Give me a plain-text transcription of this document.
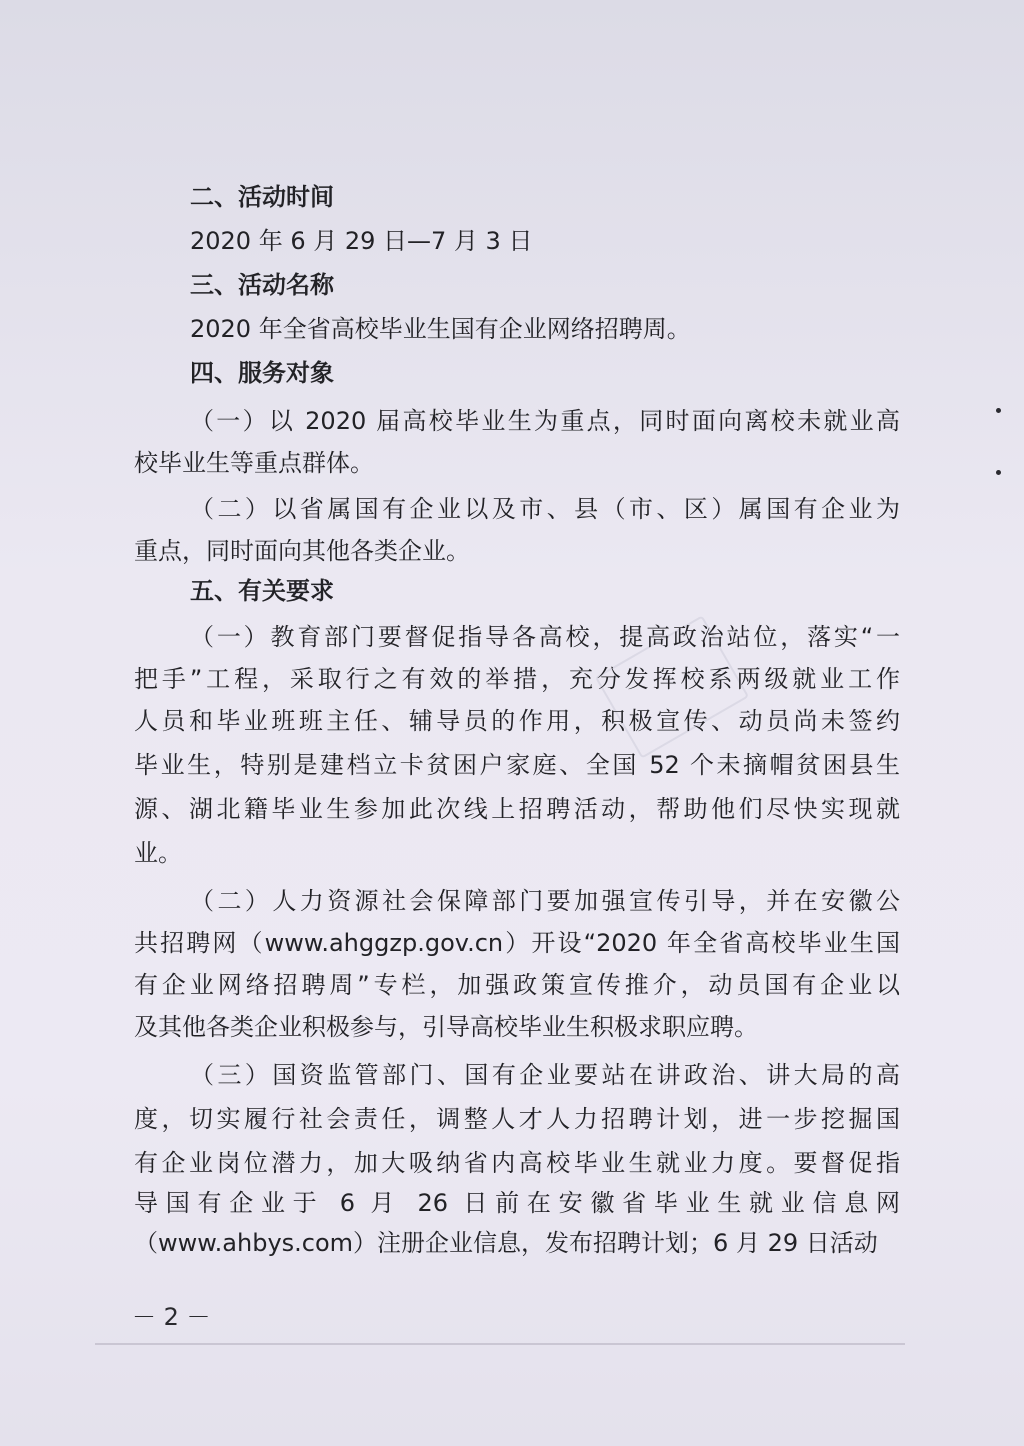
二、活动时间
2020 年 6 月 29 日—7 月 3 日
三、活动名称
2020 年全省高校毕业生国有企业网络招聘周。
四、服务对象
（一）以 2020 届高校毕业生为重点，同时面向离校未就业高
校毕业生等重点群体。
（二）以省属国有企业以及市、县（市、区）属国有企业为
重点，同时面向其他各类企业。
五、有关要求
（一）教育部门要督促指导各高校，提高政治站位，落实“一
把手”工程，采取行之有效的举措，充分发挥校系两级就业工作
人员和毕业班班主任、辅导员的作用，积极宣传、动员尚未签约
毕业生，特别是建档立卡贫困户家庭、全国 52 个未摘帽贫困县生
源、湖北籍毕业生参加此次线上招聘活动，帮助他们尽快实现就
业。
（二）人力资源社会保障部门要加强宣传引导，并在安徽公
共招聘网（www.ahggzp.gov.cn）开设“2020 年全省高校毕业生国
有企业网络招聘周”专栏，加强政策宣传推介，动员国有企业以
及其他各类企业积极参与，引导高校毕业生积极求职应聘。
（三）国资监管部门、国有企业要站在讲政治、讲大局的高
度，切实履行社会责任，调整人才人力招聘计划，进一步挖掘国
有企业岗位潜力，加大吸纳省内高校毕业生就业力度。要督促指
导国有企业于 6 月 26 日前在安徽省毕业生就业信息网
（www.ahbys.com）注册企业信息，发布招聘计划；6 月 29 日活动
－ 2 －
